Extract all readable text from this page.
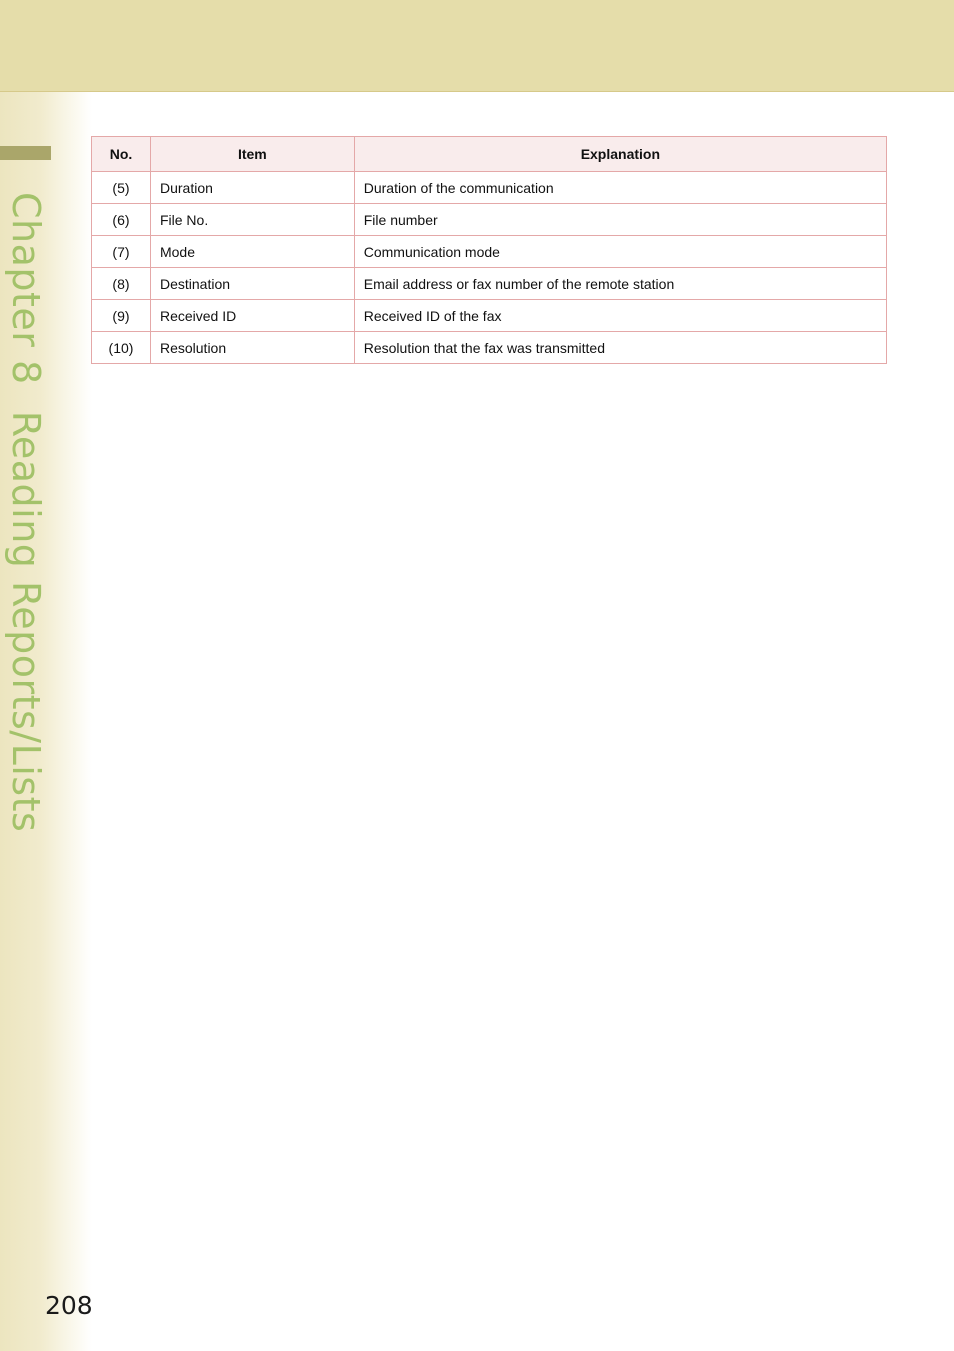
Chapter 8Reading Reports/Lists
No.	Item	Explanation
(5)	Duration	Duration of the communication
(6)	File No.	File number
(7)	Mode	Communication mode
(8)	Destination	Email address or fax number of the remote station
(9)	Received ID	Received ID of the fax
(10)	Resolution	Resolution that the fax was transmitted
208
